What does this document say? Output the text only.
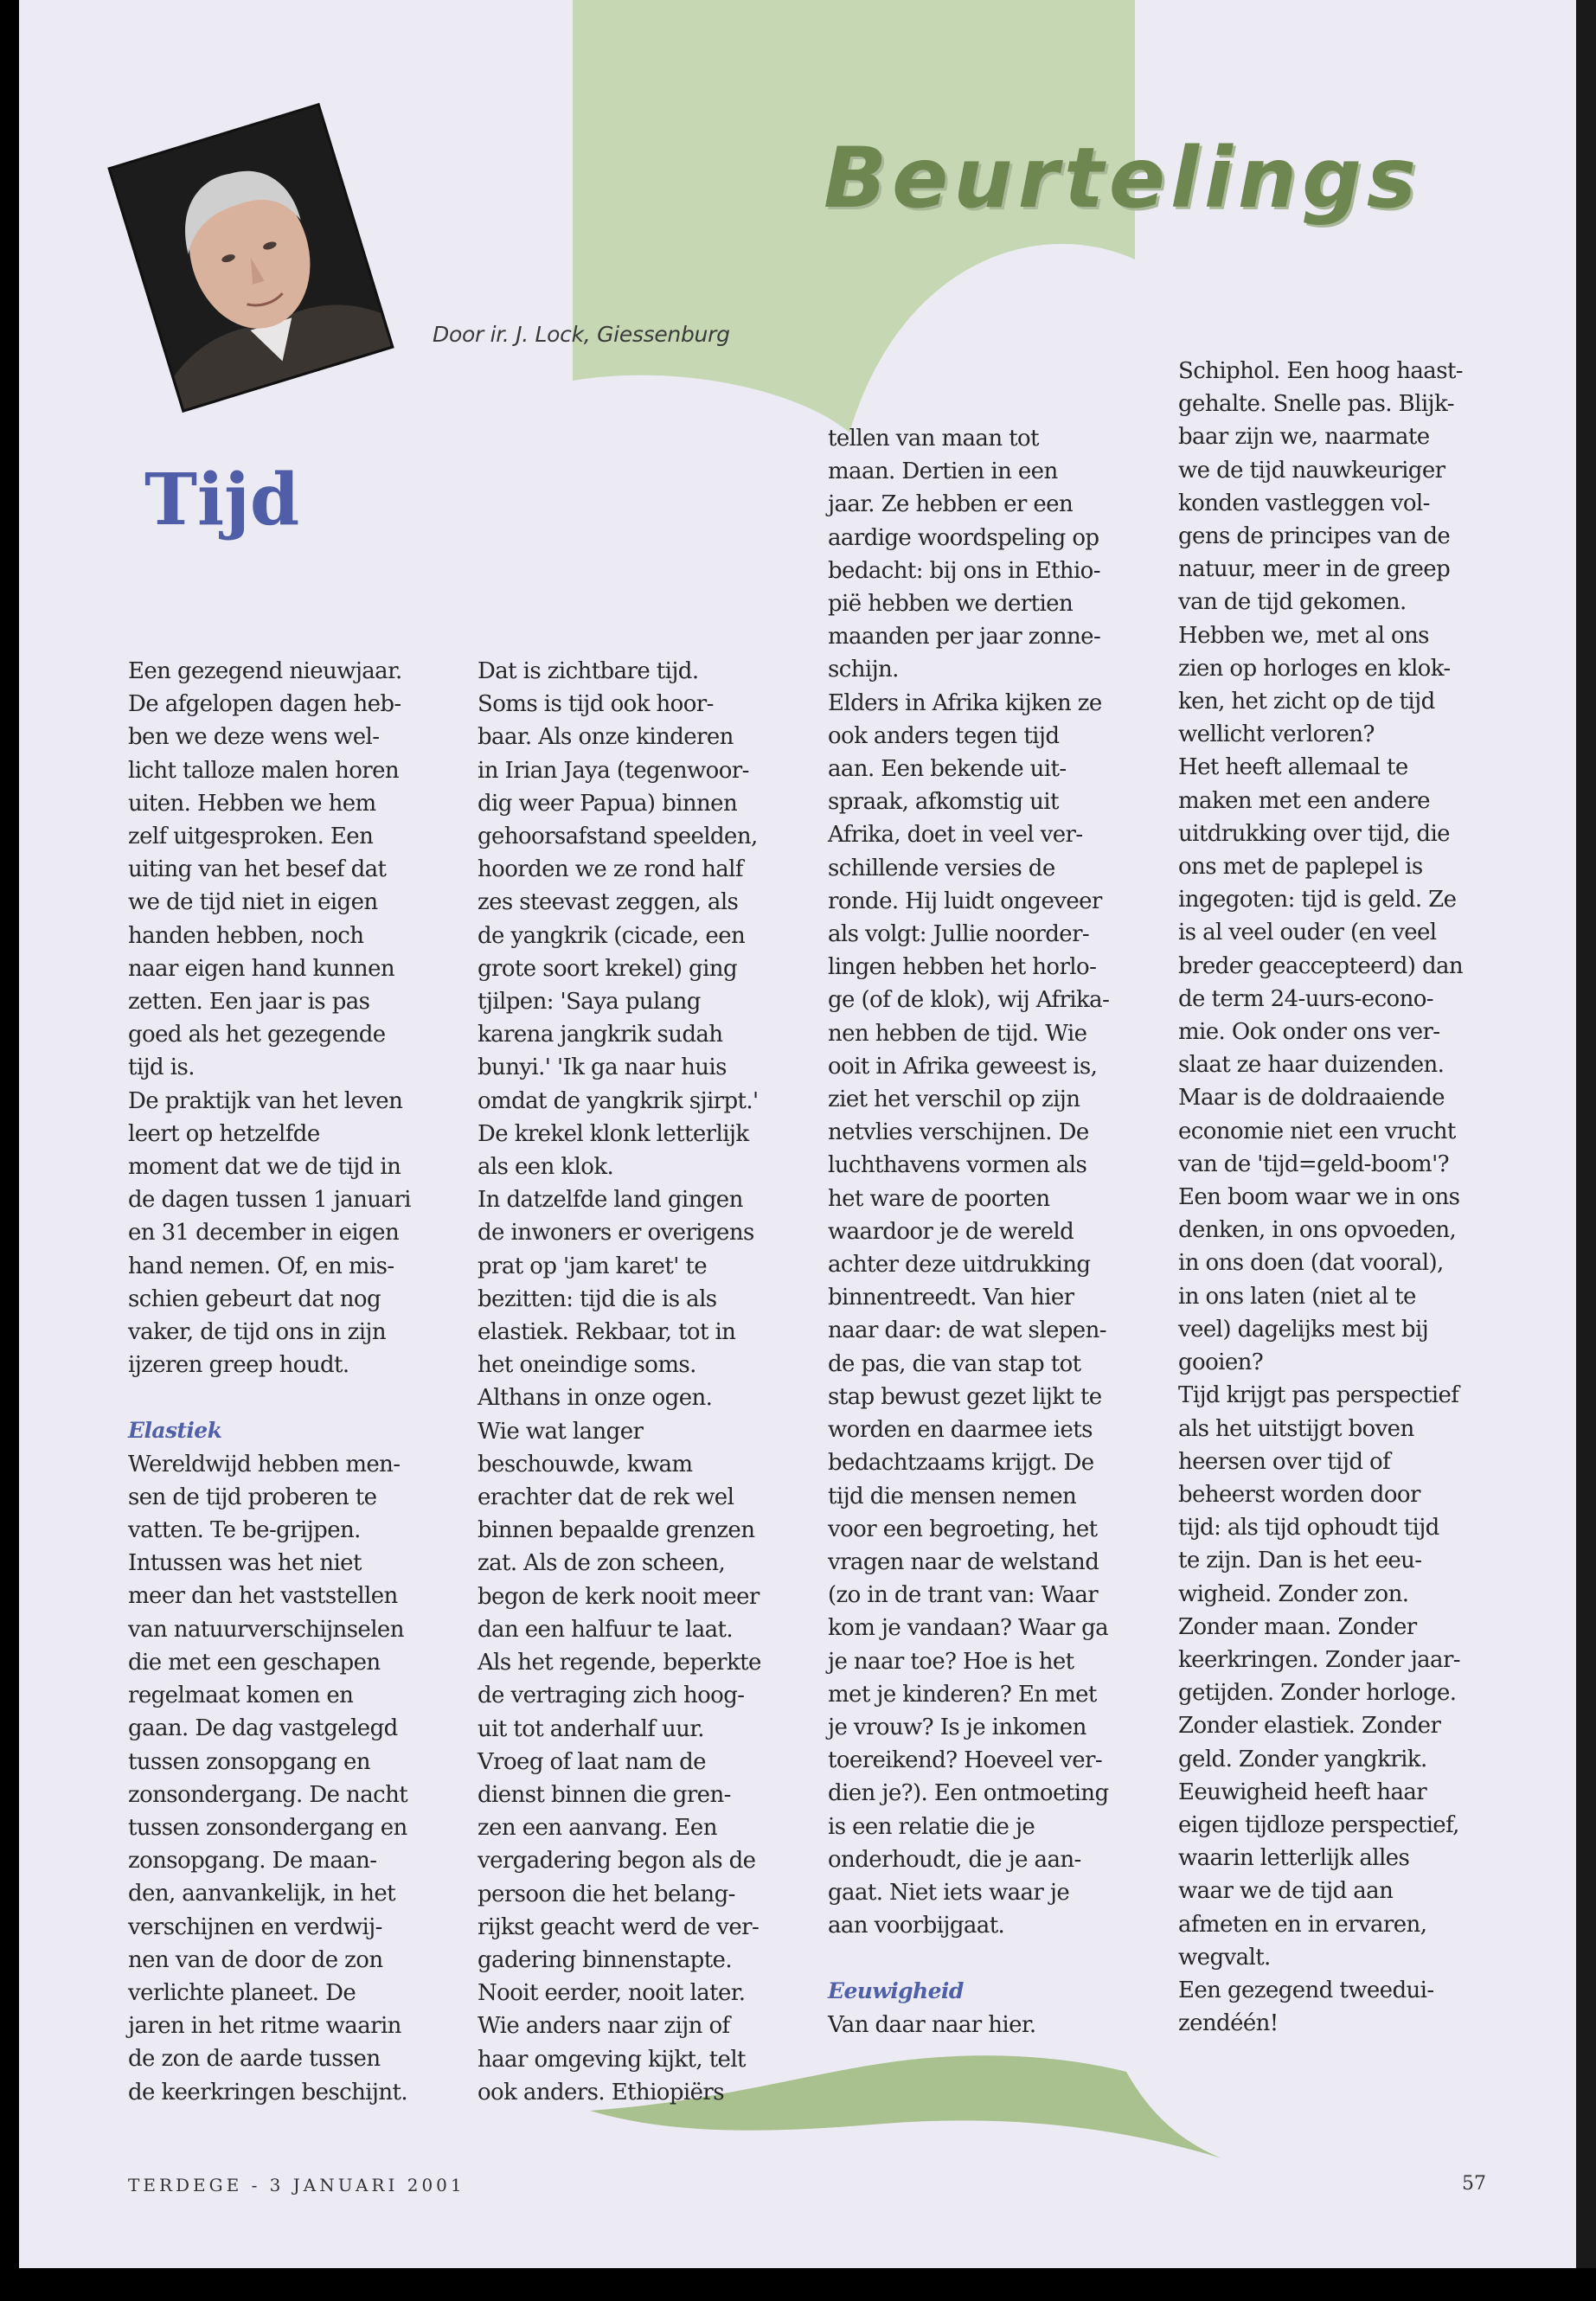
Beurtelings
Door ir. J. Lock, Giessenburg
Tijd
Een gezegend nieuwjaar.
De afgelopen dagen heb-
ben we deze wens wel-
licht talloze malen horen
uiten. Hebben we hem
zelf uitgesproken. Een
uiting van het besef dat
we de tijd niet in eigen
handen hebben, noch
naar eigen hand kunnen
zetten. Een jaar is pas
goed als het gezegende
tijd is.
De praktijk van het leven
leert op hetzelfde
moment dat we de tijd in
de dagen tussen 1 januari
en 31 december in eigen
hand nemen. Of, en mis-
schien gebeurt dat nog
vaker, de tijd ons in zijn
ijzeren greep houdt.
Elastiek
Wereldwijd hebben men-
sen de tijd proberen te
vatten. Te be-grijpen.
Intussen was het niet
meer dan het vaststellen
van natuurverschijnselen
die met een geschapen
regelmaat komen en
gaan. De dag vastgelegd
tussen zonsopgang en
zonsondergang. De nacht
tussen zonsondergang en
zonsopgang. De maan-
den, aanvankelijk, in het
verschijnen en verdwij-
nen van de door de zon
verlichte planeet. De
jaren in het ritme waarin
de zon de aarde tussen
de keerkringen beschijnt.
Dat is zichtbare tijd.
Soms is tijd ook hoor-
baar. Als onze kinderen
in Irian Jaya (tegenwoor-
dig weer Papua) binnen
gehoorsafstand speelden,
hoorden we ze rond half
zes steevast zeggen, als
de yangkrik (cicade, een
grote soort krekel) ging
tjilpen: 'Saya pulang
karena jangkrik sudah
bunyi.' 'Ik ga naar huis
omdat de yangkrik sjirpt.'
De krekel klonk letterlijk
als een klok.
In datzelfde land gingen
de inwoners er overigens
prat op 'jam karet' te
bezitten: tijd die is als
elastiek. Rekbaar, tot in
het oneindige soms.
Althans in onze ogen.
Wie wat langer
beschouwde, kwam
erachter dat de rek wel
binnen bepaalde grenzen
zat. Als de zon scheen,
begon de kerk nooit meer
dan een halfuur te laat.
Als het regende, beperkte
de vertraging zich hoog-
uit tot anderhalf uur.
Vroeg of laat nam de
dienst binnen die gren-
zen een aanvang. Een
vergadering begon als de
persoon die het belang-
rijkst geacht werd de ver-
gadering binnenstapte.
Nooit eerder, nooit later.
Wie anders naar zijn of
haar omgeving kijkt, telt
ook anders. Ethiopiërs
tellen van maan tot
maan. Dertien in een
jaar. Ze hebben er een
aardige woordspeling op
bedacht: bij ons in Ethio-
pië hebben we dertien
maanden per jaar zonne-
schijn.
Elders in Afrika kijken ze
ook anders tegen tijd
aan. Een bekende uit-
spraak, afkomstig uit
Afrika, doet in veel ver-
schillende versies de
ronde. Hij luidt ongeveer
als volgt: Jullie noorder-
lingen hebben het horlo-
ge (of de klok), wij Afrika-
nen hebben de tijd. Wie
ooit in Afrika geweest is,
ziet het verschil op zijn
netvlies verschijnen. De
luchthavens vormen als
het ware de poorten
waardoor je de wereld
achter deze uitdrukking
binnentreedt. Van hier
naar daar: de wat slepen-
de pas, die van stap tot
stap bewust gezet lijkt te
worden en daarmee iets
bedachtzaams krijgt. De
tijd die mensen nemen
voor een begroeting, het
vragen naar de welstand
(zo in de trant van: Waar
kom je vandaan? Waar ga
je naar toe? Hoe is het
met je kinderen? En met
je vrouw? Is je inkomen
toereikend? Hoeveel ver-
dien je?). Een ontmoeting
is een relatie die je
onderhoudt, die je aan-
gaat. Niet iets waar je
aan voorbijgaat.
Eeuwigheid
Van daar naar hier.
Schiphol. Een hoog haast-
gehalte. Snelle pas. Blijk-
baar zijn we, naarmate
we de tijd nauwkeuriger
konden vastleggen vol-
gens de principes van de
natuur, meer in de greep
van de tijd gekomen.
Hebben we, met al ons
zien op horloges en klok-
ken, het zicht op de tijd
wellicht verloren?
Het heeft allemaal te
maken met een andere
uitdrukking over tijd, die
ons met de paplepel is
ingegoten: tijd is geld. Ze
is al veel ouder (en veel
breder geaccepteerd) dan
de term 24-uurs-econo-
mie. Ook onder ons ver-
slaat ze haar duizenden.
Maar is de doldraaiende
economie niet een vrucht
van de 'tijd=geld-boom'?
Een boom waar we in ons
denken, in ons opvoeden,
in ons doen (dat vooral),
in ons laten (niet al te
veel) dagelijks mest bij
gooien?
Tijd krijgt pas perspectief
als het uitstijgt boven
heersen over tijd of
beheerst worden door
tijd: als tijd ophoudt tijd
te zijn. Dan is het eeu-
wigheid. Zonder zon.
Zonder maan. Zonder
keerkringen. Zonder jaar-
getijden. Zonder horloge.
Zonder elastiek. Zonder
geld. Zonder yangkrik.
Eeuwigheid heeft haar
eigen tijdloze perspectief,
waarin letterlijk alles
waar we de tijd aan
afmeten en in ervaren,
wegvalt.
Een gezegend tweedui-
zendéén!
TERDEGE - 3 JANUARI 2001	57
